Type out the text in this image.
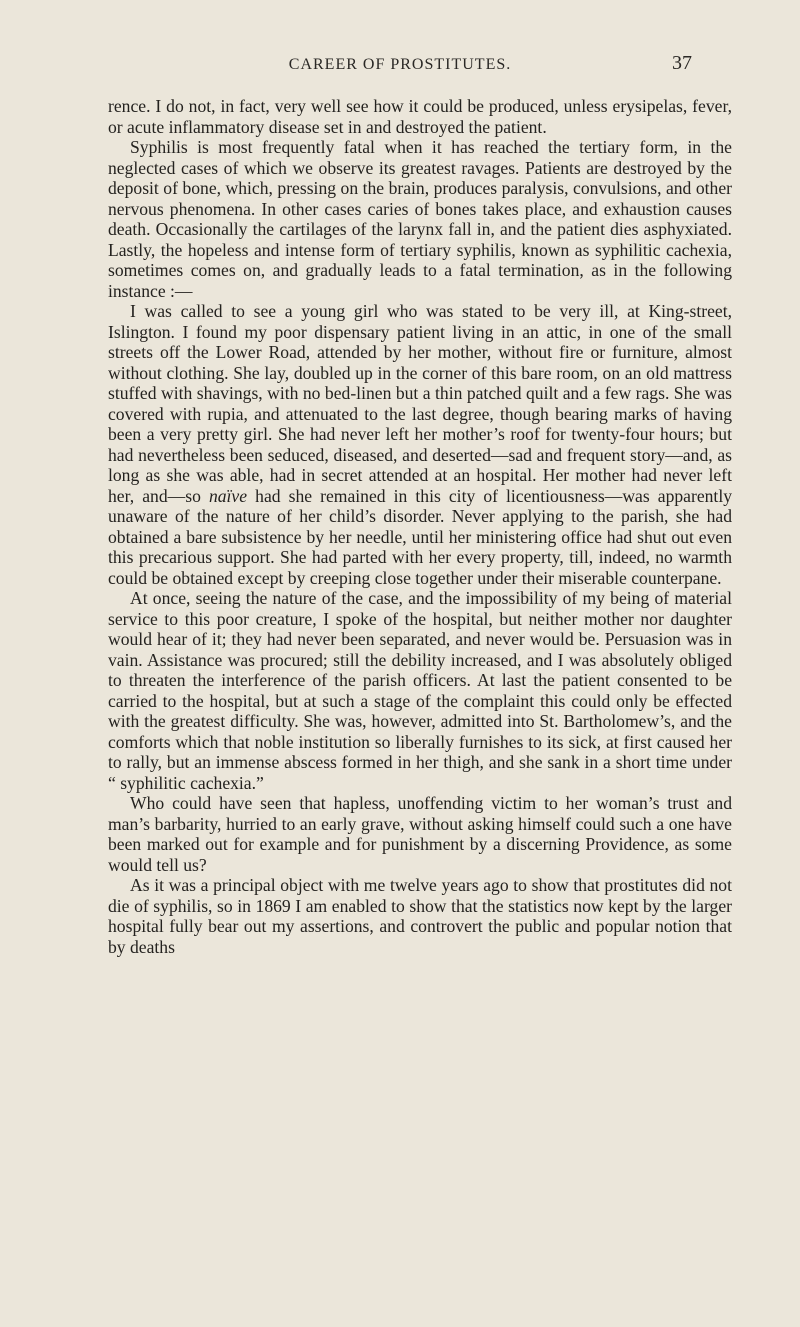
CAREER OF PROSTITUTES.	37

rence. I do not, in fact, very well see how it could be produced, unless erysipelas, fever, or acute inflammatory disease set in and destroyed the patient.

Syphilis is most frequently fatal when it has reached the tertiary form, in the neglected cases of which we observe its greatest ravages. Patients are destroyed by the deposit of bone, which, pressing on the brain, produces paralysis, convulsions, and other nervous phenomena. In other cases caries of bones takes place, and exhaustion causes death. Occasionally the cartilages of the larynx fall in, and the patient dies asphyxiated. Lastly, the hopeless and intense form of tertiary syphilis, known as syphilitic cachexia, sometimes comes on, and gradually leads to a fatal termination, as in the following instance :—

I was called to see a young girl who was stated to be very ill, at King-street, Islington. I found my poor dispensary patient living in an attic, in one of the small streets off the Lower Road, attended by her mother, without fire or furniture, almost without clothing. She lay, doubled up in the corner of this bare room, on an old mattress stuffed with shavings, with no bed-linen but a thin patched quilt and a few rags. She was covered with rupia, and attenuated to the last degree, though bearing marks of having been a very pretty girl. She had never left her mother’s roof for twenty-four hours; but had nevertheless been seduced, diseased, and deserted—sad and frequent story—and, as long as she was able, had in secret attended at an hospital. Her mother had never left her, and—so naïve had she remained in this city of licentiousness—was apparently unaware of the nature of her child’s disorder. Never applying to the parish, she had obtained a bare subsistence by her needle, until her ministering office had shut out even this precarious support. She had parted with her every property, till, indeed, no warmth could be obtained except by creeping close together under their miserable counterpane.

At once, seeing the nature of the case, and the impossibility of my being of material service to this poor creature, I spoke of the hospital, but neither mother nor daughter would hear of it; they had never been separated, and never would be. Persuasion was in vain. Assistance was procured; still the debility increased, and I was absolutely obliged to threaten the interference of the parish officers. At last the patient consented to be carried to the hospital, but at such a stage of the complaint this could only be effected with the greatest difficulty. She was, however, admitted into St. Bartholomew’s, and the comforts which that noble institution so liberally furnishes to its sick, at first caused her to rally, but an immense abscess formed in her thigh, and she sank in a short time under “ syphilitic cachexia.”

Who could have seen that hapless, unoffending victim to her woman’s trust and man’s barbarity, hurried to an early grave, without asking himself could such a one have been marked out for example and for punishment by a discerning Providence, as some would tell us?

As it was a principal object with me twelve years ago to show that prostitutes did not die of syphilis, so in 1869 I am enabled to show that the statistics now kept by the larger hospital fully bear out my assertions, and controvert the public and popular notion that by deaths
